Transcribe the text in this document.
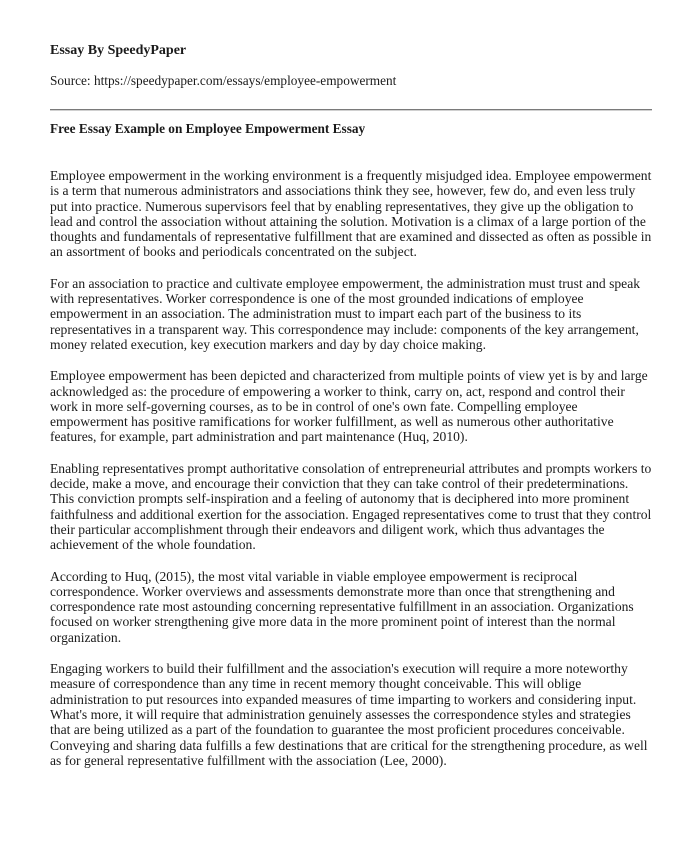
Essay By SpeedyPaper
Source: https://speedypaper.com/essays/employee-empowerment
Free Essay Example on Employee Empowerment Essay

Employee empowerment in the working environment is a frequently misjudged idea. Employee empowerment is a term that numerous administrators and associations think they see, however, few do, and even less truly put into practice. Numerous supervisors feel that by enabling representatives, they give up the obligation to lead and control the association without attaining the solution. Motivation is a climax of a large portion of the thoughts and fundamentals of representative fulfillment that are examined and dissected as often as possible in an assortment of books and periodicals concentrated on the subject.

For an association to practice and cultivate employee empowerment, the administration must trust and speak with representatives. Worker correspondence is one of the most grounded indications of employee empowerment in an association. The administration must to impart each part of the business to its representatives in a transparent way. This correspondence may include: components of the key arrangement, money related execution, key execution markers and day by day choice making.

Employee empowerment has been depicted and characterized from multiple points of view yet is by and large acknowledged as: the procedure of empowering a worker to think, carry on, act, respond and control their work in more self-governing courses, as to be in control of one's own fate. Compelling employee empowerment has positive ramifications for worker fulfillment, as well as numerous other authoritative features, for example, part administration and part maintenance (Huq, 2010).

Enabling representatives prompt authoritative consolation of entrepreneurial attributes and prompts workers to decide, make a move, and encourage their conviction that they can take control of their predeterminations. This conviction prompts self-inspiration and a feeling of autonomy that is deciphered into more prominent faithfulness and additional exertion for the association. Engaged representatives come to trust that they control their particular accomplishment through their endeavors and diligent work, which thus advantages the achievement of the whole foundation.

According to Huq, (2015), the most vital variable in viable employee empowerment is reciprocal correspondence. Worker overviews and assessments demonstrate more than once that strengthening and correspondence rate most astounding concerning representative fulfillment in an association. Organizations focused on worker strengthening give more data in the more prominent point of interest than the normal organization.

Engaging workers to build their fulfillment and the association's execution will require a more noteworthy measure of correspondence than any time in recent memory thought conceivable. This will oblige administration to put resources into expanded measures of time imparting to workers and considering input. What's more, it will require that administration genuinely assesses the correspondence styles and strategies that are being utilized as a part of the foundation to guarantee the most proficient procedures conceivable. Conveying and sharing data fulfills a few destinations that are critical for the strengthening procedure, as well as for general representative fulfillment with the association (Lee, 2000).
